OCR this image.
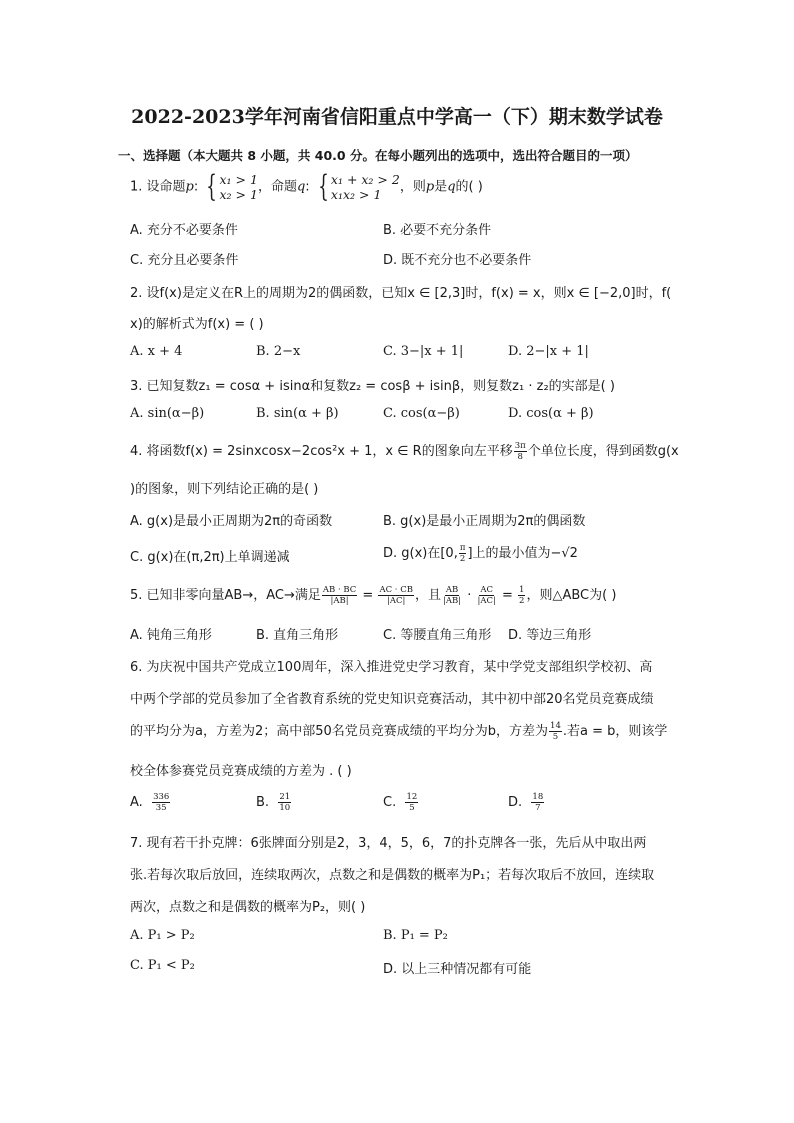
2022-2023学年河南省信阳重点中学高一（下）期末数学试卷
一、选择题（本大题共 8 小题，共 40.0 分。在每小题列出的选项中，选出符合题目的一项）
1. 设命题p: { x₁ > 1
x₂ > 1 ，命题q: { x₁ + x₂ > 2
x₁x₂ > 1	，则p是q的( )
A. 充分不必要条件	B. 必要不充分条件
C. 充分且必要条件	D. 既不充分也不必要条件
2. 设f(x)是定义在R上的周期为2的偶函数，已知x ∈ [2,3]时，f(x) = x，则x ∈ [−2,0]时，f(
x)的解析式为f(x) = ( )
A. x + 4	B. 2−x	C. 3−|x + 1|	D. 2−|x + 1|
3. 已知复数z₁ = cosα + isinα和复数z₂ = cosβ + isinβ，则复数z₁ · z₂的实部是( )
A. sin(α−β)	B. sin(α + β)	C. cos(α−β)	D. cos(α + β)
4. 将函数f(x) = 2sinxcosx−2cos²x + 1，x ∈ R的图象向左平移 $\frac{3\pi}{8}$ 个单位长度，得到函数g(x
)的图象，则下列结论正确的是( )
A. g(x)是最小正周期为2π的奇函数	B. g(x)是最小正周期为2π的偶函数
C. g(x)在(π,2π)上单调递减	D. g(x)在[0, $\frac{\pi}{2}$ ]上的最小值为−√2
5. 已知非零向量AB→，AC→满足 $\frac{AB \cdot BC}{|AB|} = \frac{AC \cdot CB}{|AC|}$ ，且 $\frac{AB}{|AB|} \cdot \frac{AC}{|AC|} = \frac{1}{2}$ ，则△ABC为( )
A. 钝角三角形	B. 直角三角形	C. 等腰直角三角形 D. 等边三角形
6. 为庆祝中国共产党成立100周年，深入推进党史学习教育，某中学党支部组织学校初、高
中两个学部的党员参加了全省教育系统的党史知识竞赛活动，其中初中部20名党员竞赛成绩
的平均分为a，方差为2；高中部50名党员竞赛成绩的平均分为b，方差为 $\frac{14}{5}$ .若a = b，则该学
校全体参赛党员竞赛成绩的方差为 . ( )
A. $\frac{336}{35}$	B. $\frac{21}{10}$	C. $\frac{12}{5}$	D. $\frac{18}{7}$
7. 现有若干扑克牌：6张牌面分别是2，3，4，5，6，7的扑克牌各一张，先后从中取出两
张.若每次取后放回，连续取两次，点数之和是偶数的概率为P₁；若每次取后不放回，连续取
两次，点数之和是偶数的概率为P₂，则( )
A. P₁ > P₂	B. P₁ = P₂
C. P₁ < P₂	D. 以上三种情况都有可能
